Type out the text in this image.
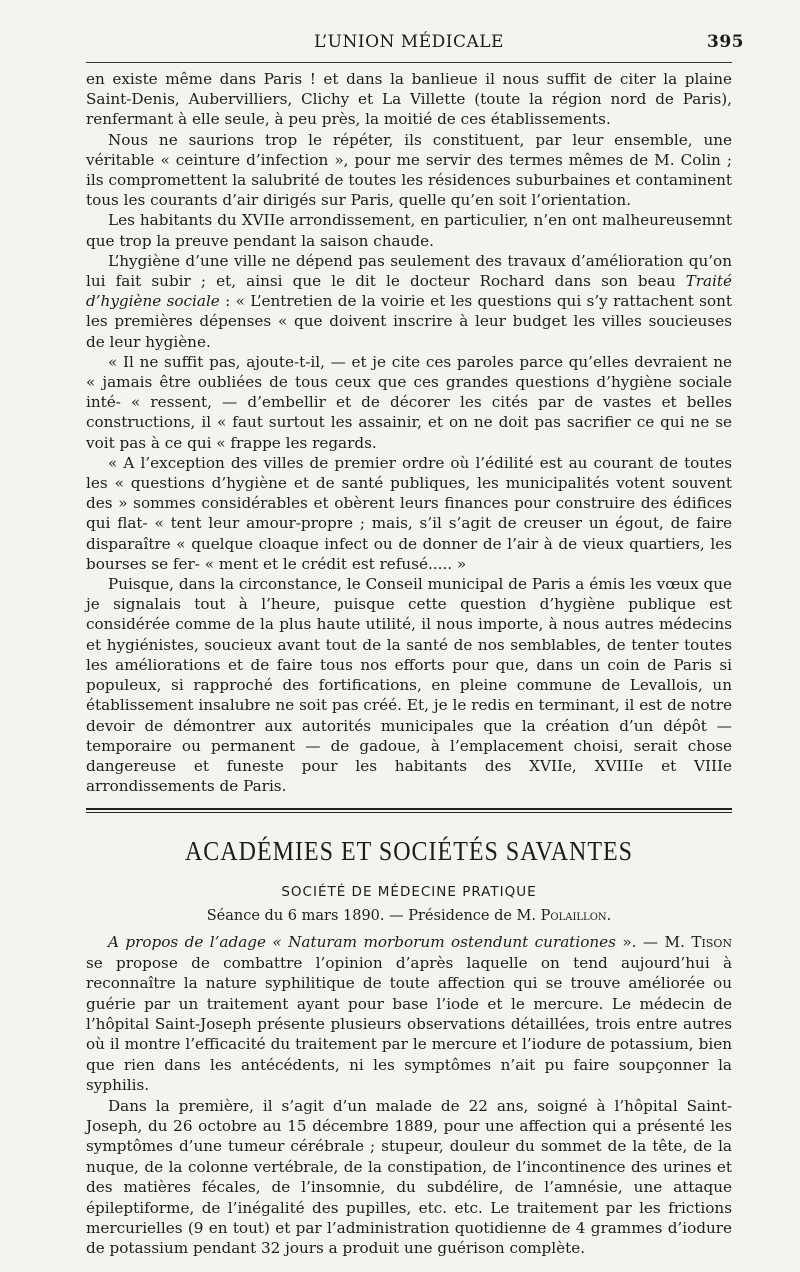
L’UNION MÉDICALE	395

en existe même dans Paris ! et dans la banlieue il nous suffit de citer la plaine Saint-Denis, Aubervilliers, Clichy et La Villette (toute la région nord de Paris), renfermant à elle seule, à peu près, la moitié de ces établissements.

Nous ne saurions trop le répéter, ils constituent, par leur ensemble, une véritable « ceinture d’infection », pour me servir des termes mêmes de M. Colin ; ils compromettent la salubrité de toutes les résidences suburbaines et contaminent tous les courants d’air dirigés sur Paris, quelle qu’en soit l’orientation.

Les habitants du XVIIe arrondissement, en particulier, n’en ont malheureusemnt que trop la preuve pendant la saison chaude.

L’hygiène d’une ville ne dépend pas seulement des travaux d’amélioration qu’on lui fait subir ; et, ainsi que le dit le docteur Rochard dans son beau Traité d’hygiène sociale : « L’entretien de la voirie et les questions qui s’y rattachent sont les premières dépenses « que doivent inscrire à leur budget les villes soucieuses de leur hygiène.

« Il ne suffit pas, ajoute-t-il, — et je cite ces paroles parce qu’elles devraient ne « jamais être oubliées de tous ceux que ces grandes questions d’hygiène sociale inté- « ressent, — d’embellir et de décorer les cités par de vastes et belles constructions, il « faut surtout les assainir, et on ne doit pas sacrifier ce qui ne se voit pas à ce qui « frappe les regards.

« A l’exception des villes de premier ordre où l’édilité est au courant de toutes les « questions d’hygiène et de santé publiques, les municipalités votent souvent des » sommes considérables et obèrent leurs finances pour construire des édifices qui flat- « tent leur amour-propre ; mais, s’il s’agit de creuser un égout, de faire disparaître « quelque cloaque infect ou de donner de l’air à de vieux quartiers, les bourses se fer- « ment et le crédit est refusé..... »

Puisque, dans la circonstance, le Conseil municipal de Paris a émis les vœux que je signalais tout à l’heure, puisque cette question d’hygiène publique est considérée comme de la plus haute utilité, il nous importe, à nous autres médecins et hygiénistes, soucieux avant tout de la santé de nos semblables, de tenter toutes les améliorations et de faire tous nos efforts pour que, dans un coin de Paris si populeux, si rapproché des fortifications, en pleine commune de Levallois, un établissement insalubre ne soit pas créé. Et, je le redis en terminant, il est de notre devoir de démontrer aux autorités municipales que la création d’un dépôt — temporaire ou permanent — de gadoue, à l’emplacement choisi, serait chose dangereuse et funeste pour les habitants des XVIIe, XVIIIe et VIIIe arrondissements de Paris.

ACADÉMIES ET SOCIÉTÉS SAVANTES
SOCIÉTÉ DE MÉDECINE PRATIQUE
Séance du 6 mars 1890. — Présidence de M. Polaillon.

A propos de l’adage « Naturam morborum ostendunt curationes ». — M. Tison se propose de combattre l’opinion d’après laquelle on tend aujourd’hui à reconnaître la nature syphilitique de toute affection qui se trouve améliorée ou guérie par un traitement ayant pour base l’iode et le mercure. Le médecin de l’hôpital Saint-Joseph présente plusieurs observations détaillées, trois entre autres où il montre l’efficacité du traitement par le mercure et l’iodure de potassium, bien que rien dans les antécédents, ni les symptômes n’ait pu faire soupçonner la syphilis.

Dans la première, il s’agit d’un malade de 22 ans, soigné à l’hôpital Saint-Joseph, du 26 octobre au 15 décembre 1889, pour une affection qui a présenté les symptômes d’une tumeur cérébrale ; stupeur, douleur du sommet de la tête, de la nuque, de la colonne vertébrale, de la constipation, de l’incontinence des urines et des matières fécales, de l’insomnie, du subdélire, de l’amnésie, une attaque épileptiforme, de l’inégalité des pupilles, etc. etc. Le traitement par les frictions mercurielles (9 en tout) et par l’administration quotidienne de 4 grammes d’iodure de potassium pendant 32 jours a produit une guérison complète.
